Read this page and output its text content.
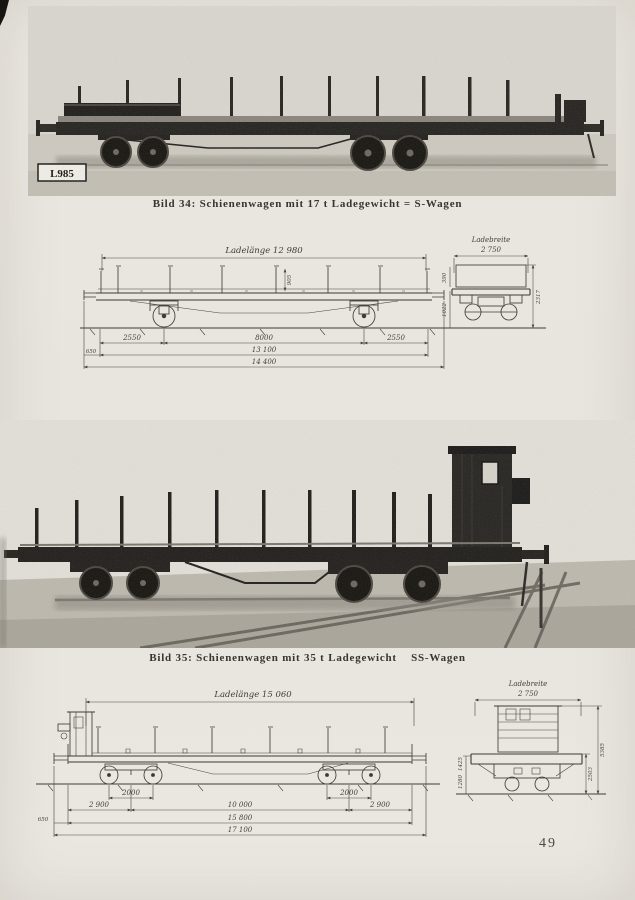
L985
Bild 34: Schienenwagen mit 17 t Ladegewicht = S-Wagen
Ladelänge 12 980
905
2550	8000	2550
650	13 100
14 400
Ladebreite
2 750
2317
390
1022
Bild 35: Schienenwagen mit 35 t Ladegewicht    SS-Wagen
Ladelänge 15 060
2000	2000
2 900	10 000	2 900
650	15 800
17 100
Ladebreite
2 750
2503
5385
1425
1280
49
